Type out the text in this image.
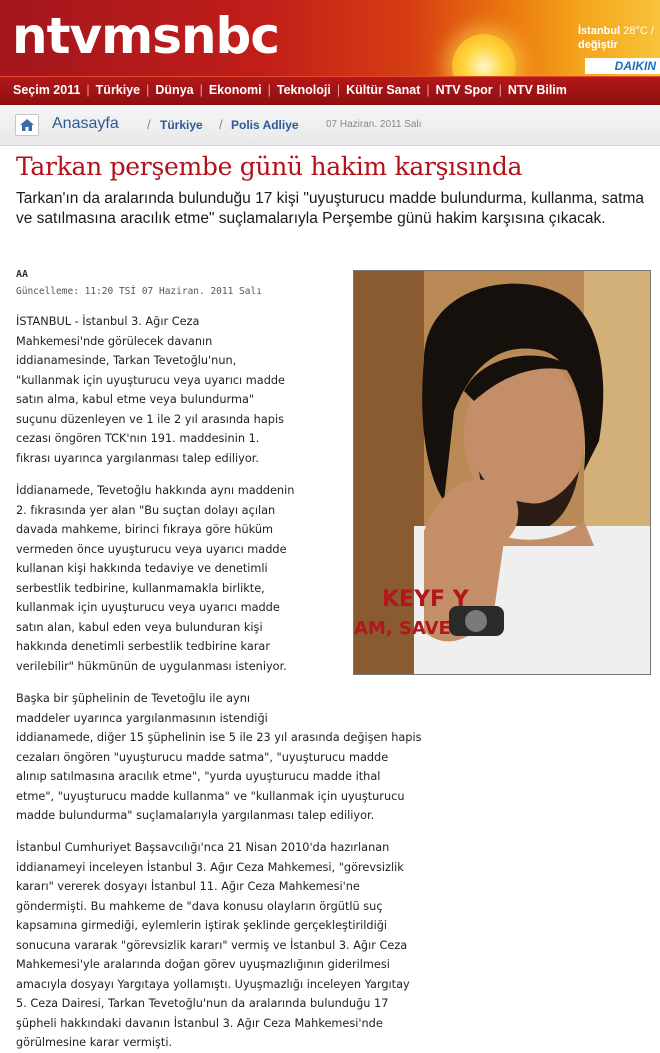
ntvmsnbc	İstanbul 28°C /
değiştir
DAIKIN
Seçim 2011 | Türkiye | Dünya | Ekonomi | Teknoloji | Kültür Sanat | NTV Spor | NTV Bilim
Anasayfa / Türkiye / Polis Adliye	07 Haziran. 2011 Salı
Tarkan perşembe günü hakim karşısında

Tarkan'ın da aralarında bulunduğu 17 kişi "uyuşturucu madde bulundurma, kullanma, satma ve satılmasına aracılık etme" suçlamalarıyla Perşembe günü hakim karşısına çıkacak.

AA
Güncelleme: 11:20 TSİ 07 Haziran. 2011 Salı
KEYF Y
AM, SAVE

İSTANBUL - İstanbul 3. Ağır Ceza
Mahkemesi'nde görülecek davanın
iddianamesinde, Tarkan Tevetoğlu'nun,
"kullanmak için uyuşturucu veya uyarıcı madde
satın alma, kabul etme veya bulundurma"
suçunu düzenleyen ve 1 ile 2 yıl arasında hapis
cezası öngören TCK'nın 191. maddesinin 1.
fıkrası uyarınca yargılanması talep ediliyor.

İddianamede, Tevetoğlu hakkında aynı maddenin
2. fıkrasında yer alan "Bu suçtan dolayı açılan
davada mahkeme, birinci fıkraya göre hüküm
vermeden önce uyuşturucu veya uyarıcı madde
kullanan kişi hakkında tedaviye ve denetimli
serbestlik tedbirine, kullanmamakla birlikte,
kullanmak için uyuşturucu veya uyarıcı madde
satın alan, kabul eden veya bulunduran kişi
hakkında denetimli serbestlik tedbirine karar
verilebilir" hükmünün de uygulanması isteniyor.

Başka bir şüphelinin de Tevetoğlu ile aynı
maddeler uyarınca yargılanmasının istendiği
iddianamede, diğer 15 şüphelinin ise 5 ile 23 yıl arasında değişen hapis
cezaları öngören "uyuşturucu madde satma", "uyuşturucu madde
alınıp satılmasına aracılık etme", "yurda uyuşturucu madde ithal
etme", "uyuşturucu madde kullanma" ve "kullanmak için uyuşturucu
madde bulundurma" suçlamalarıyla yargılanması talep ediliyor.

İstanbul Cumhuriyet Başsavcılığı'nca 21 Nisan 2010'da hazırlanan
iddianameyi inceleyen İstanbul 3. Ağır Ceza Mahkemesi, "görevsizlik
kararı" vererek dosyayı İstanbul 11. Ağır Ceza Mahkemesi'ne
göndermişti. Bu mahkeme de "dava konusu olayların örgütlü suç
kapsamına girmediği, eylemlerin iştirak şeklinde gerçekleştirildiği
sonucuna vararak "görevsizlik kararı" vermiş ve İstanbul 3. Ağır Ceza
Mahkemesi'yle aralarında doğan görev uyuşmazlığının giderilmesi
amacıyla dosyayı Yargıtaya yollamıştı. Uyuşmazlığı inceleyen Yargıtay
5. Ceza Dairesi, Tarkan Tevetoğlu'nun da aralarında bulunduğu 17
şüpheli hakkındaki davanın İstanbul 3. Ağır Ceza Mahkemesi'nde
görülmesine karar vermişti.
